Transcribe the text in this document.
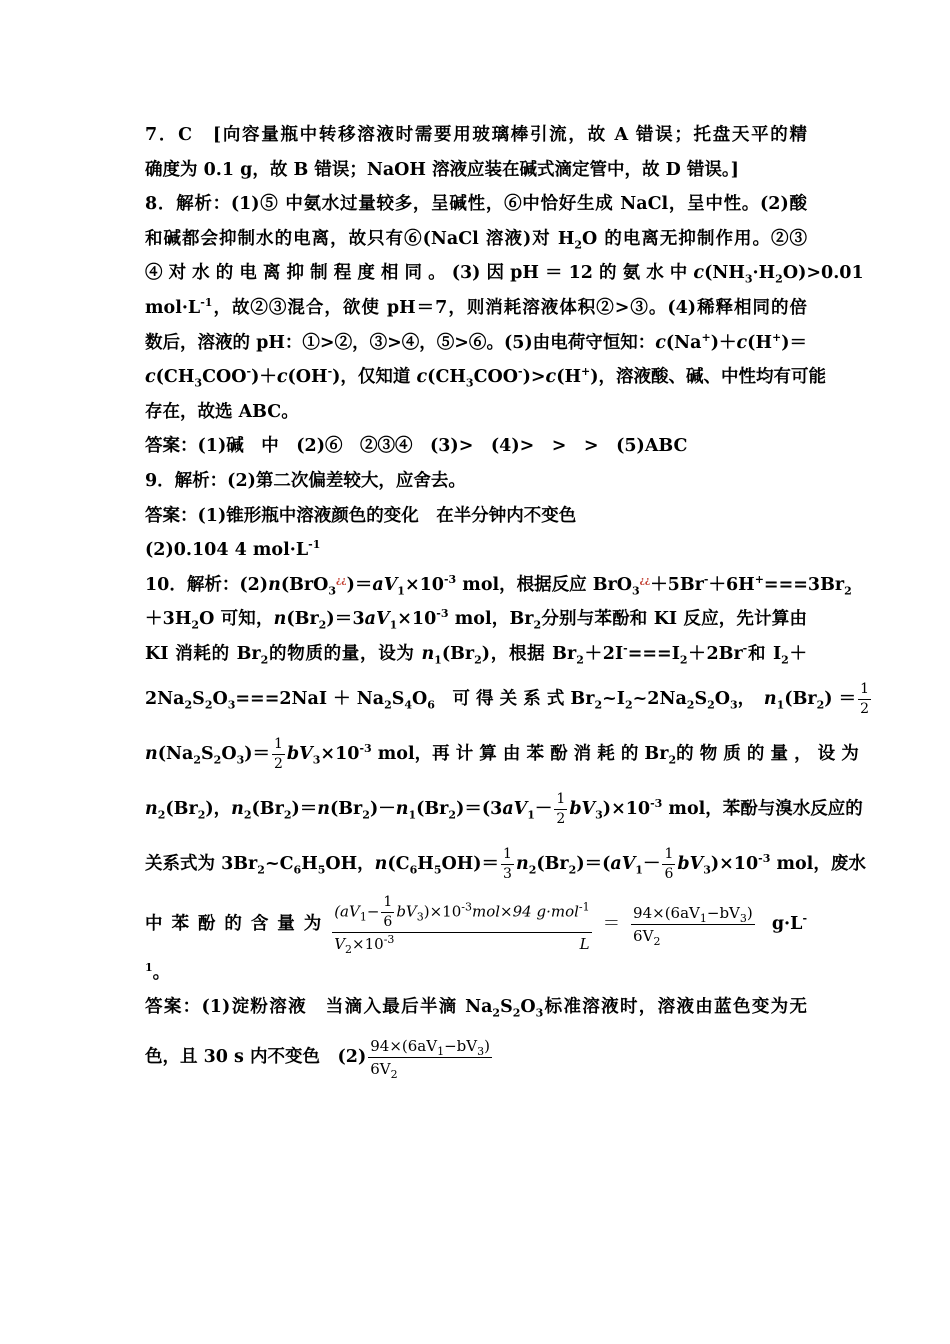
7．C　[向容量瓶中转移溶液时需要用玻璃棒引流，故 A 错误；托盘天平的精
确度为 0.1 g，故 B 错误；NaOH 溶液应装在碱式滴定管中，故 D 错误。]
8．解析：(1)⑤ 中氨水过量较多，呈碱性，⑥中恰好生成 NaCl，呈中性。(2)酸
和碱都会抑制水的电离，故只有⑥(NaCl 溶液)对 $H_2O$ 的电离无抑制作用。②③
④ 对 水 的 电 离 抑 制 程 度 相 同 。 (3) 因 pH ＝ 12 的 氨 水 中 $c(NH_3\cdot H_2O)>0.01$
$mol\cdot L^{-1}$，故②③混合，欲使 pH＝7，则消耗溶液体积②>③。(4)稀释相同的倍
数后，溶液的 pH：①>②，③>④，⑤>⑥。(5)由电荷守恒知：c(Na+)＋c(H+)＝
$c(CH_3COO^-)+c(OH^-)$，仅知道 $c(CH_3COO^-)>c(H^+)$，溶液酸、碱、中性均有可能
存在，故选 ABC。
答案：(1)碱　中　(2)⑥　②③④　(3)>　(4)>　>　>　(5)ABC
9．解析：(2)第二次偏差较大，应舍去。
答案：(1)锥形瓶中溶液颜色的变化　在半分钟内不变色
(2)0.104 4 $mol\cdot L^{-1}$
10．解析：$(2)n(BrO_3^{¿¿})=aV_1\times 10^{-3}$ mol，根据反应 $BrO_3^{¿¿}+5Br^-+6H^+===3Br_2$
$+3H_2O$ 可知，$n(Br_2)=3aV_1\times 10^{-3}$ mol，$Br_2$分别与苯酚和 KI 反应，先计算由
KI 消耗的 $Br_2$的物质的量，设为 $n_1(Br_2)$，根据 $Br_2+2I^-===I_2+2Br^-$和 $I_2+$
$2Na_2S_2O_3===2NaI + Na_2S_4O_6$　 可 得 关 系 式 $Br_2\sim I_2\sim 2Na_2S_2O_3$，　 $n_1(Br_2) = \frac{1}{2}$
$n(Na_2S_2O_3)= \frac{1}{2} bV_3\times 10^{-3}$ mol，再 计 算 由 苯 酚 消 耗 的 $Br_2$的 物 质 的 量 ， 设 为
$n_2(Br_2)$，$n_2(Br_2)=n(Br_2)-n_1(Br_2)=(3aV_1- \frac{1}{2} bV_3)\times 10^{-3}$ mol，苯酚与溴水反应的
关系式为 $3Br_2\sim C_6H_5OH$，$n(C_6H_5OH)= \frac{1}{3} n_2(Br_2)=(aV_1- \frac{1}{6} bV_3)\times 10^{-3}$ mol，废水
中苯酚的含量为 $(aV_1- \frac{1}{6} bV_3)\times 10^{-3}mol\times 94$ g·mol$^{-1}$
$V_2\times 10^{-3}$	$L = \frac{94\times(6aV_1-bV_3)}{6V_2} g\cdot L^-$
$^1$。
答案：(1)淀粉溶液　当滴入最后半滴 $Na_2S_2O_3$标准溶液时，溶液由蓝色变为无
色，且 30 s 内不变色　$(2) \frac{94\times(6aV_1-bV_3)}{6V_2}$
